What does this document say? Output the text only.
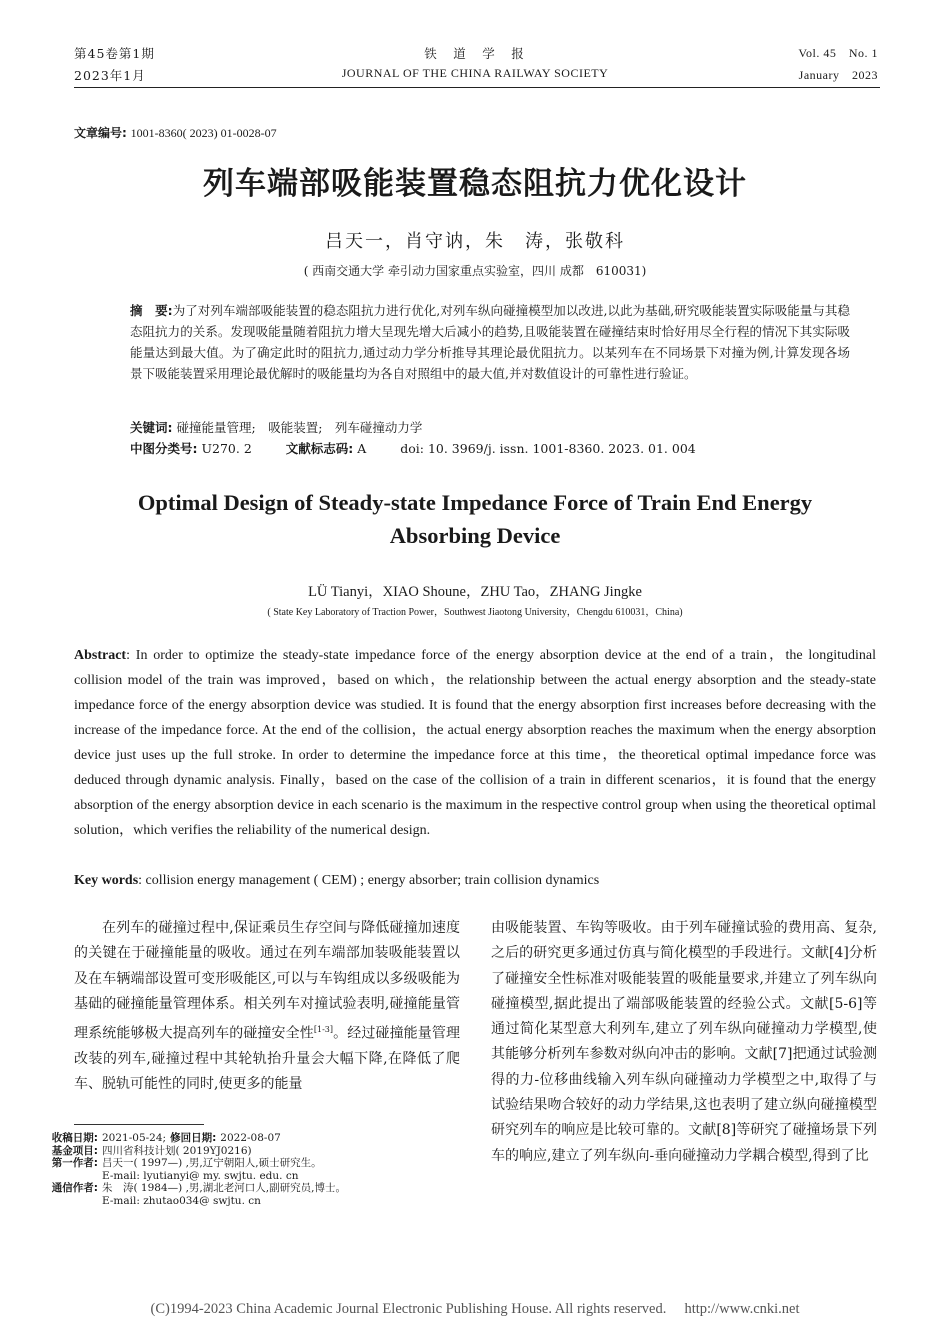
第45卷第1期
2023年1月
铁　道　学　报
JOURNAL OF THE CHINA RAILWAY SOCIETY
Vol. 45　No. 1
January　2023
文章编号: 1001-8360( 2023) 01-0028-07
列车端部吸能装置稳态阻抗力优化设计
吕天一，肖守讷，朱　涛，张敬科
( 西南交通大学 牵引动力国家重点实验室，四川 成都　610031)

摘　要:为了对列车端部吸能装置的稳态阻抗力进行优化,对列车纵向碰撞模型加以改进,以此为基础,研究吸能装置实际吸能量与其稳态阻抗力的关系。发现吸能量随着阻抗力增大呈现先增大后减小的趋势,且吸能装置在碰撞结束时恰好用尽全行程的情况下其实际吸能量达到最大值。为了确定此时的阻抗力,通过动力学分析推导其理论最优阻抗力。以某列车在不同场景下对撞为例,计算发现各场景下吸能装置采用理论最优解时的吸能量均为各自对照组中的最大值,并对数值设计的可靠性进行验证。

关键词: 碰撞能量管理;　吸能装置;　列车碰撞动力学
中图分类号: U270. 2	文献标志码: A	doi: 10. 3969/j. issn. 1001-8360. 2023. 01. 004
Optimal Design of Steady-state Impedance Force of Train End Energy
Absorbing Device
LÜ Tianyi，XIAO Shoune，ZHU Tao，ZHANG Jingke
( State Key Laboratory of Traction Power，Southwest Jiaotong University，Chengdu 610031，China)
Abstract: In order to optimize the steady-state impedance force of the energy absorption device at the end of a train，the longitudinal collision model of the train was improved，based on which，the relationship between the actual energy absorption and the steady-state impedance force of the energy absorption device was studied. It is found that the energy absorption first increases before decreasing with the increase of the impedance force. At the end of the collision，the actual energy absorption reaches the maximum when the energy absorption device just uses up the full stroke. In order to determine the impedance force at this time，the theoretical optimal impedance force was deduced through dynamic analysis. Finally，based on the case of the collision of a train in different scenarios，it is found that the energy absorption of the energy absorption device in each scenario is the maximum in the respective control group when using the theoretical optimal solution，which verifies the reliability of the numerical design.
Key words: collision energy management ( CEM) ; energy absorber; train collision dynamics

在列车的碰撞过程中,保证乘员生存空间与降低碰撞加速度的关键在于碰撞能量的吸收。通过在列车端部加装吸能装置以及在车辆端部设置可变形吸能区,可以与车钩组成以多级吸能为基础的碰撞能量管理体系。相关列车对撞试验表明,碰撞能量管理系统能够极大提高列车的碰撞安全性[1-3]。经过碰撞能量管理改装的列车,碰撞过程中其轮轨抬升量会大幅下降,在降低了爬车、脱轨可能性的同时,使更多的能量

由吸能装置、车钩等吸收。由于列车碰撞试验的费用高、复杂,之后的研究更多通过仿真与简化模型的手段进行。文献[4]分析了碰撞安全性标准对吸能装置的吸能量要求,并建立了列车纵向碰撞模型,据此提出了端部吸能装置的经验公式。文献[5-6]等通过简化某型意大利列车,建立了列车纵向碰撞动力学模型,使其能够分析列车参数对纵向冲击的影响。文献[7]把通过试验测得的力-位移曲线输入列车纵向碰撞动力学模型之中,取得了与试验结果吻合较好的动力学结果,这也表明了建立纵向碰撞模型研究列车的响应是比较可靠的。文献[8]等研究了碰撞场景下列车的响应,建立了列车纵向-垂向碰撞动力学耦合模型,得到了比

收稿日期: 2021-05-24; 修回日期: 2022-08-07
基金项目: 四川省科技计划( 2019YJ0216)
第一作者: 吕天一( 1997—) ,男,辽宁朝阳人,硕士研究生。
E-mail: lyutianyi@ my. swjtu. edu. cn
通信作者: 朱　涛( 1984—) ,男,湖北老河口人,副研究员,博士。
E-mail: zhutao034@ swjtu. cn
(C)1994-2023 China Academic Journal Electronic Publishing House. All rights reserved.　 http://www.cnki.net
